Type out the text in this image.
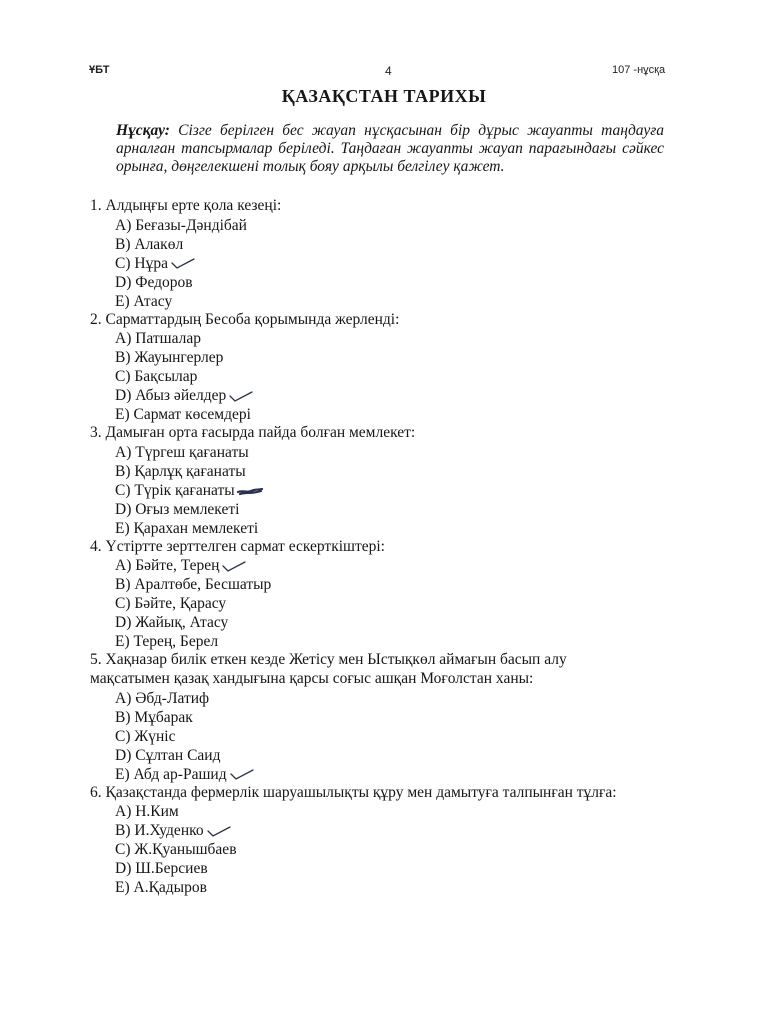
ҰБТ	4	107 -нұсқа
ҚАЗАҚСТАН ТАРИХЫ
Нұсқау: Сізге берілген бес жауап нұсқасынан бір дұрыс жауапты таңдауға арналған тапсырмалар беріледі. Таңдаған жауапты жауап парағындағы сәйкес орынға, дөңгелекшені толық бояу арқылы белгілеу қажет.
1. Алдыңғы ерте қола кезеңі:
A) Беғазы-Дәндібай
B) Алакөл
C) Нұра
D) Федоров
E) Атасу
2. Сарматтардың Бесоба қорымында жерленді:
A) Патшалар
B) Жауынгерлер
C) Бақсылар
D) Абыз әйелдер
E) Сармат көсемдері
3. Дамыған орта ғасырда пайда болған мемлекет:
A) Түргеш қағанаты
B) Қарлұқ қағанаты
C) Түрік қағанаты
D) Оғыз мемлекеті
E) Қарахан мемлекеті
4. Үстіртте зерттелген сармат ескерткіштері:
A) Бәйте, Терең
B) Аралтөбе, Бесшатыр
C) Бәйте, Қарасу
D) Жайық, Атасу
E) Терең, Берел
5. Хақназар билік еткен кезде Жетісу мен Ыстықкөл аймағын басып алу мақсатымен қазақ хандығына қарсы соғыс ашқан Моғолстан ханы:
A) Әбд-Латиф
B) Мұбарак
C) Жүніс
D) Сұлтан Саид
E) Абд ар-Рашид
6. Қазақстанда фермерлік шаруашылықты құру мен дамытуға талпынған тұлға:
A) Н.Ким
B) И.Худенко
C) Ж.Қуанышбаев
D) Ш.Берсиев
E) А.Қадыров
